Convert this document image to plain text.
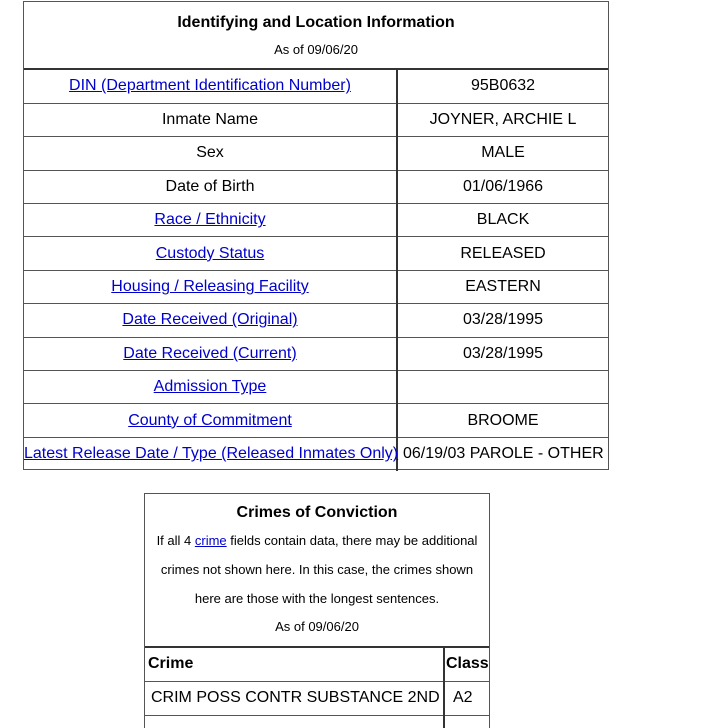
Identifying and Location Information
As of 09/06/20
DIN (Department Identification Number)	95B0632
Inmate Name	JOYNER, ARCHIE L
Sex	MALE
Date of Birth	01/06/1966
Race / Ethnicity	BLACK
Custody Status	RELEASED
Housing / Releasing Facility	EASTERN
Date Received (Original)	03/28/1995
Date Received (Current)	03/28/1995
Admission Type	
County of Commitment	BROOME
Latest Release Date / Type (Released Inmates Only)	06/19/03 PAROLE - OTHER
Crimes of Conviction
If all 4 crime fields contain data, there may be additional crimes not shown here. In this case, the crimes shown here are those with the longest sentences.
As of 09/06/20
Crime	Class
CRIM POSS CONTR SUBSTANCE 2ND	A2
